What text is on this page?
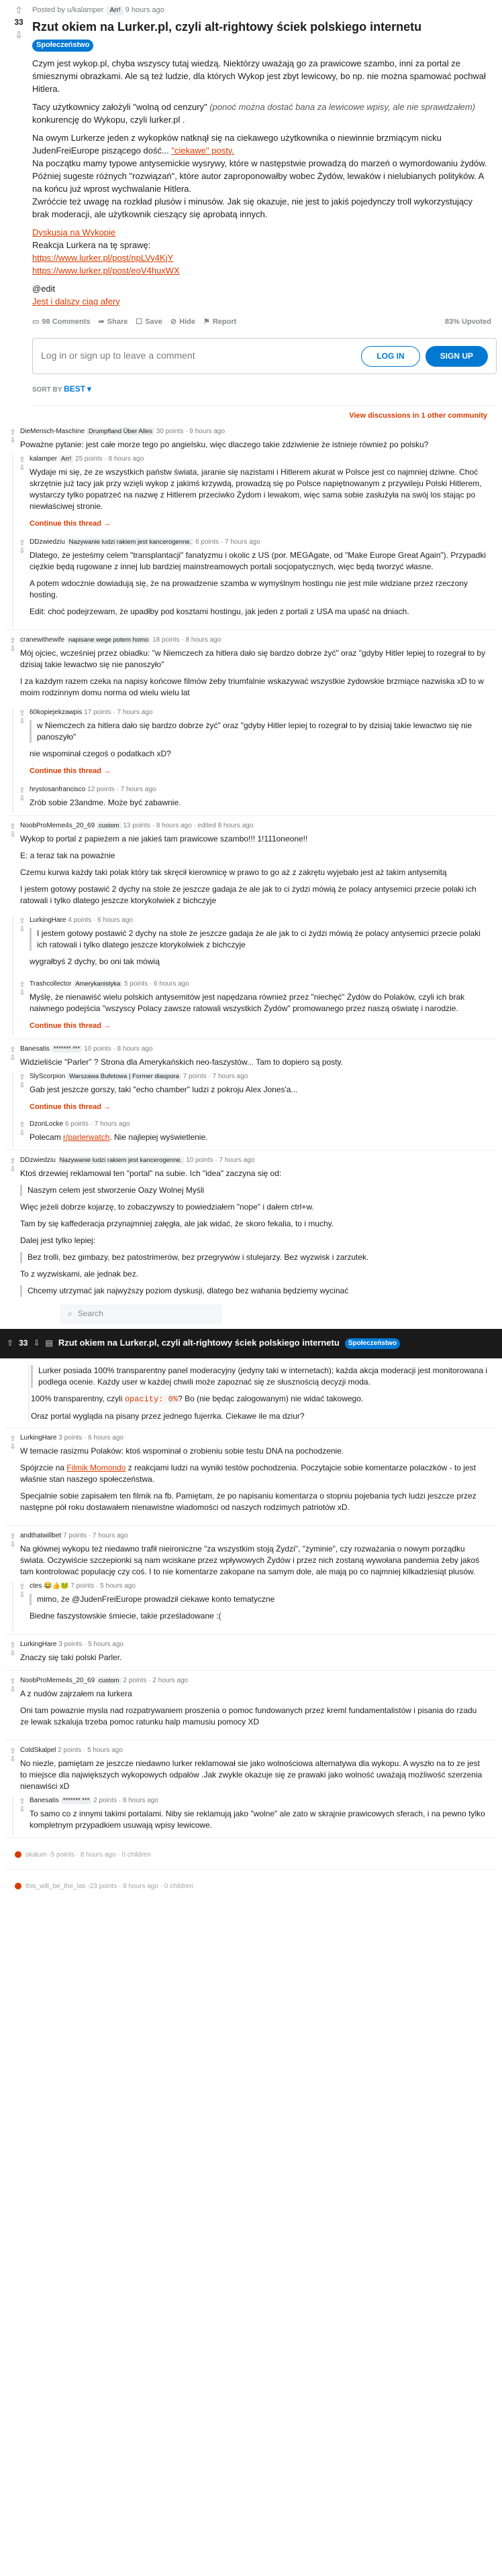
⇧
33
⇩
Posted by u/kalamper Arr! 9 hours ago
Rzut okiem na Lurker.pl, czyli alt-rightowy ściek polskiego internetu
Społeczeństwo

Czym jest wykop.pl, chyba wszyscy tutaj wiedzą. Niektórzy uważają go za prawicowe szambo, inni za portal ze śmiesznymi obrazkami. Ale są też ludzie, dla których Wykop jest zbyt lewicowy, bo np. nie można spamować pochwał Hitlera.

Tacy użytkownicy założyli "wolną od cenzury" (ponoć można dostać bana za lewicowe wpisy, ale nie sprawdzałem) konkurencję do Wykopu, czyli lurker.pl .

Na owym Lurkerze jeden z wykopków natknął się na ciekawego użytkownika o niewinnie brzmiącym nicku JudenFreiEurope piszącego dość... "ciekawe" posty.
Na początku mamy typowe antysemickie wysrywy, które w następstwie prowadzą do marzeń o wymordowaniu żydów. Później sugeste różnych "rozwiązań", które autor zaproponowałby wobec Żydów, lewaków i nielubianych polityków. A na końcu już wprost wychwalanie Hitlera.
Zwróćcie też uwagę na rozkład plusów i minusów. Jak się okazuje, nie jest to jakiś pojedynczy troll wykorzystujący brak moderacji, ale użytkownik cieszący się aprobatą innych.

Dyskusja na Wykopie
Reakcja Lurkera na tę sprawę:
https://www.lurker.pl/post/npLVy4KjY
https://www.lurker.pl/post/eoV4huxWX

@edit
Jest i dalszy ciąg afery

▭ 98 Comments ➦ Share ☐ Save ⊘ Hide ⚑ Report	83% Upvoted
Log in or sign up to leave a comment	LOG IN	SIGN UP
SORT BY BEST ▾
View discussions in 1 other community
⇧
⇩
DieMensch-Maschine Drumpfland Über Alles 30 points · 9 hours ago
Poważne pytanie: jest całe morze tego po angielsku, więc dlaczego takie zdziwienie że istnieje również po polsku?
⇧
⇩
kalamper Arr! 25 points · 8 hours ago

Wydaje mi się, że ze wszystkich państw świata, jaranie się nazistami i Hitlerem akurat w Polsce jest co najmniej dziwne. Choć skrzętnie już tacy jak przy wzięli wykop z jakimś krzywdą, prowadzą się po Polsce napiętnowanym z przywileju Polski Hitlerem, wystarczy tylko popatrzeć na nazwę z Hitlerem przeciwko Żydom i lewakom, więc sama sobie zasłużyła na swój los stając po niewłaściwej stronie.

Continue this thread →
⇧
⇩
DDzwiedziu Nazywanie ludzi rakiem jest kancerogenne. 6 points · 7 hours ago

Dlatego, że jesteśmy celem "transplantacji" fanatyzmu i okolic z US (por. MEGAgate, od "Make Europe Great Again"). Przypadki ciężkie będą rugowane z innej lub bardziej mainstreamowych portali socjopatycznych, więc będą tworzyć własne.

A potem wdocznie dowiadują się, że na prowadzenie szamba w wymyślnym hostingu nie jest mile widziane przez rzeczony hosting.

Edit: choć podejrzewam, że upadłby pod kosztami hostingu, jak jeden z portali z USA ma upaść na dniach.

⇧
⇩
cranewithewife napisane wege potem homo 18 points · 8 hours ago

Mój ojciec, wcześniej przez obiadku: "w Niemczech za hitlera dało się bardzo dobrze żyć" oraz "gdyby Hitler lepiej to rozegrał to by dzisiaj takie lewactwo się nie panoszyło"

I za każdym razem czeka na napisy końcowe filmów żeby triumfalnie wskazywać wszystkie żydowskie brzmiące nazwiska xD to w moim rodzinnym domu norma od wielu wielu lat

⇧
⇩
60kopiejekzawpis 17 points · 7 hours ago
w Niemczech za hitlera dało się bardzo dobrze żyć" oraz "gdyby Hitler lepiej to rozegrał to by dzisiaj takie lewactwo się nie panoszyło"

nie wspominał czegoś o podatkach xD?

Continue this thread →
⇧
⇩
hrystosanfrancisco 12 points · 7 hours ago
Zrób sobie 23andme. Może być zabawnie.
⇧
⇩
NoobProMeme4s_20_69 custom 13 points · 8 hours ago · edited 8 hours ago

Wykop to portal z papieżem a nie jakieś tam prawicowe szambo!!! 1!111oneone!!

E: a teraz tak na poważnie

Czemu kurwa każdy taki polak który tak skręcił kierownicę w prawo to go aż z zakrętu wyjebało jest aż takim antysemitą

I jestem gotowy postawić 2 dychy na stole że jeszcze gadaja że ale jak to ci żydzi mówią że polacy antysemici przecie polaki ich ratowali i tylko dlatego jeszcze ktorykolwiek z bichczyje

⇧
⇩
LurkingHare 4 points · 6 hours ago
I jestem gotowy postawić 2 dychy na stole że jeszcze gadaja że ale jak to ci żydzi mówią że polacy antysemici przecie polaki ich ratowali i tylko dlatego jeszcze ktorykolwiek z bichczyje

wygrałbyś 2 dychy, bo oni tak mówią

⇧
⇩
Trashcollector Amerykanistyka 5 points · 6 hours ago

Myślę, że nienawiść wielu polskich antysemitów jest napędzana również przez "niechęć" Żydów do Polaków, czyli ich brak naiwnego podejścia "wszyscy Polacy zawsze ratowali wszystkich Żydów" promowanego przez naszą oświatę i narodzie.

Continue this thread →
⇧
⇩
Banesatis ******* *** 10 points · 8 hours ago
Widzieliście "Parler" ? Strona dla Amerykańskich neo-faszystów... Tam to dopiero są posty.
⇧
⇩
SlyScorpion Warszawa Bufetowa | Former diaspora 7 points · 7 hours ago

Gab jest jeszcze gorszy, taki "echo chamber" ludzi z pokroju Alex Jones'a...

Continue this thread →
⇧
⇩
DzonLocke 6 points · 7 hours ago
Polecam r/parlerwatch. Nie najlepiej wyświetlenie.
⇧
⇩
DDzwiedziu Nazywanie ludzi rakiem jest kancerogenne. 10 points · 7 hours ago

Ktoś drzewiej reklamował ten "portal" na subie. Ich "idea" zaczyna się od:

Naszym celem jest stworzenie Oazy Wolnej Myśli

Więc jeżeli dobrze kojarzę, to zobaczywszy to powiedziałem "nope" i dałem ctrl+w.

Tam by się kaffederacja przynajmniej załęgła, ale jak widać, że skoro fekalia, to i muchy.

Dalej jest tylko lepiej:

Bez trolli, bez gimbazy, bez patostrimerów, bez przegrywów i stulejarzy. Bez wyzwisk i zarzutek.

To z wyzwiskami, ale jednak bez.

Chcemy utrzymać jak najwyższy poziom dyskusji, dlatego bez wahania będziemy wycinać
⌕ Search
⇧ 33 ⇩ ▤ Rzut okiem na Lurker.pl, czyli alt-rightowy ściek polskiego internetu	Społeczeństwo
Lurker posiada 100% transparentny panel moderacyjny (jedyny taki w internetach); każda akcja moderacji jest monitorowana i podlega ocenie. Każdy user w każdej chwili może zapoznać się ze słusznością decyzji moda.

100% transparentny, czyli opacity: 0%? Bo (nie będąc zalogowanym) nie widać takowego.

Oraz portal wygląda na pisany przez jednego fujerrka. Ciekawe ile ma dziur?

⇧
⇩
LurkingHare 3 points · 6 hours ago

W temacie rasizmu Polaków: ktoś wspominał o zrobieniu sobie testu DNA na pochodzenie.

Spójrzcie na Filmik Momondo z reakcjami ludzi na wyniki testów pochodzenia. Poczytajcie sobie komentarze polaczków - to jest właśnie stan naszego społeczeństwa.

Specjalnie sobie zapisałem ten filmik na fb. Pamiętam, że po napisaniu komentarza o stopniu pojebania tych ludzi jeszcze przez następne pół roku dostawałem nienawistne wiadomości od naszych rodzimych patriotów xD.

⇧
⇩
andthatwillbet 7 points · 7 hours ago
Na głównej wykopu też niedawno trafił nieironiczne "za wszystkim stoją Żydzi", "żyminie", czy rozważania o nowym porządku świata. Oczywiście szczepionki są nam wciskane przez wpływowych Żydów i przez nich zostaną wywołana pandemia żeby jakoś tam kontrolować populację czy coś. I to nie komentarze zakopane na samym dole, ale mają po co najmniej kilkadziesiąt plusów.
⇧
⇩
ctes 😂👍🐸 7 points · 5 hours ago
mimo, że @JudenFreiEurope prowadził ciekawe konto tematyczne

Biedne faszystowskie śmiecie, takie prześladowane :(

⇧
⇩
LurkingHare 3 points · 5 hours ago
Znaczy się taki polski Parler.
⇧
⇩
NoobProMeme4s_20_69 custom 2 points · 2 hours ago

A z nudów zajrzałem na lurkera

Oni tam powaznie mysla nad rozpatrywaniem proszenia o pomoc fundowanych przez kreml fundamentalistów i pisania do rzadu ze lewak szkaluja trzeba pomoc ratunku halp mamusiu pomocy XD

⇧
⇩
ColdSkalpel 2 points · 5 hours ago
No niezle, pamiętam ze jeszcze niedawno lurker reklamował sie jako wolnościowa alternatywa dla wykopu. A wyszło na to ze jest to miejsce dla największych wykopowych odpałów .Jak zwykle okazuje się ze prawaki jako wolność uważają możliwość szerzenia nienawiści xD
⇧
⇩
Banesatis ******* *** 2 points · 8 hours ago
To samo co z innymi takimi portalami. Niby sie reklamują jako "wolne" ale zato w skrajnie prawicowych sferach, i na pewno tylko kompletnym przypadkiem usuwają wpisy lewicowe.
skalum -5 points · 8 hours ago · 0 children
this_will_be_the_las -23 points · 8 hours ago · 0 children
